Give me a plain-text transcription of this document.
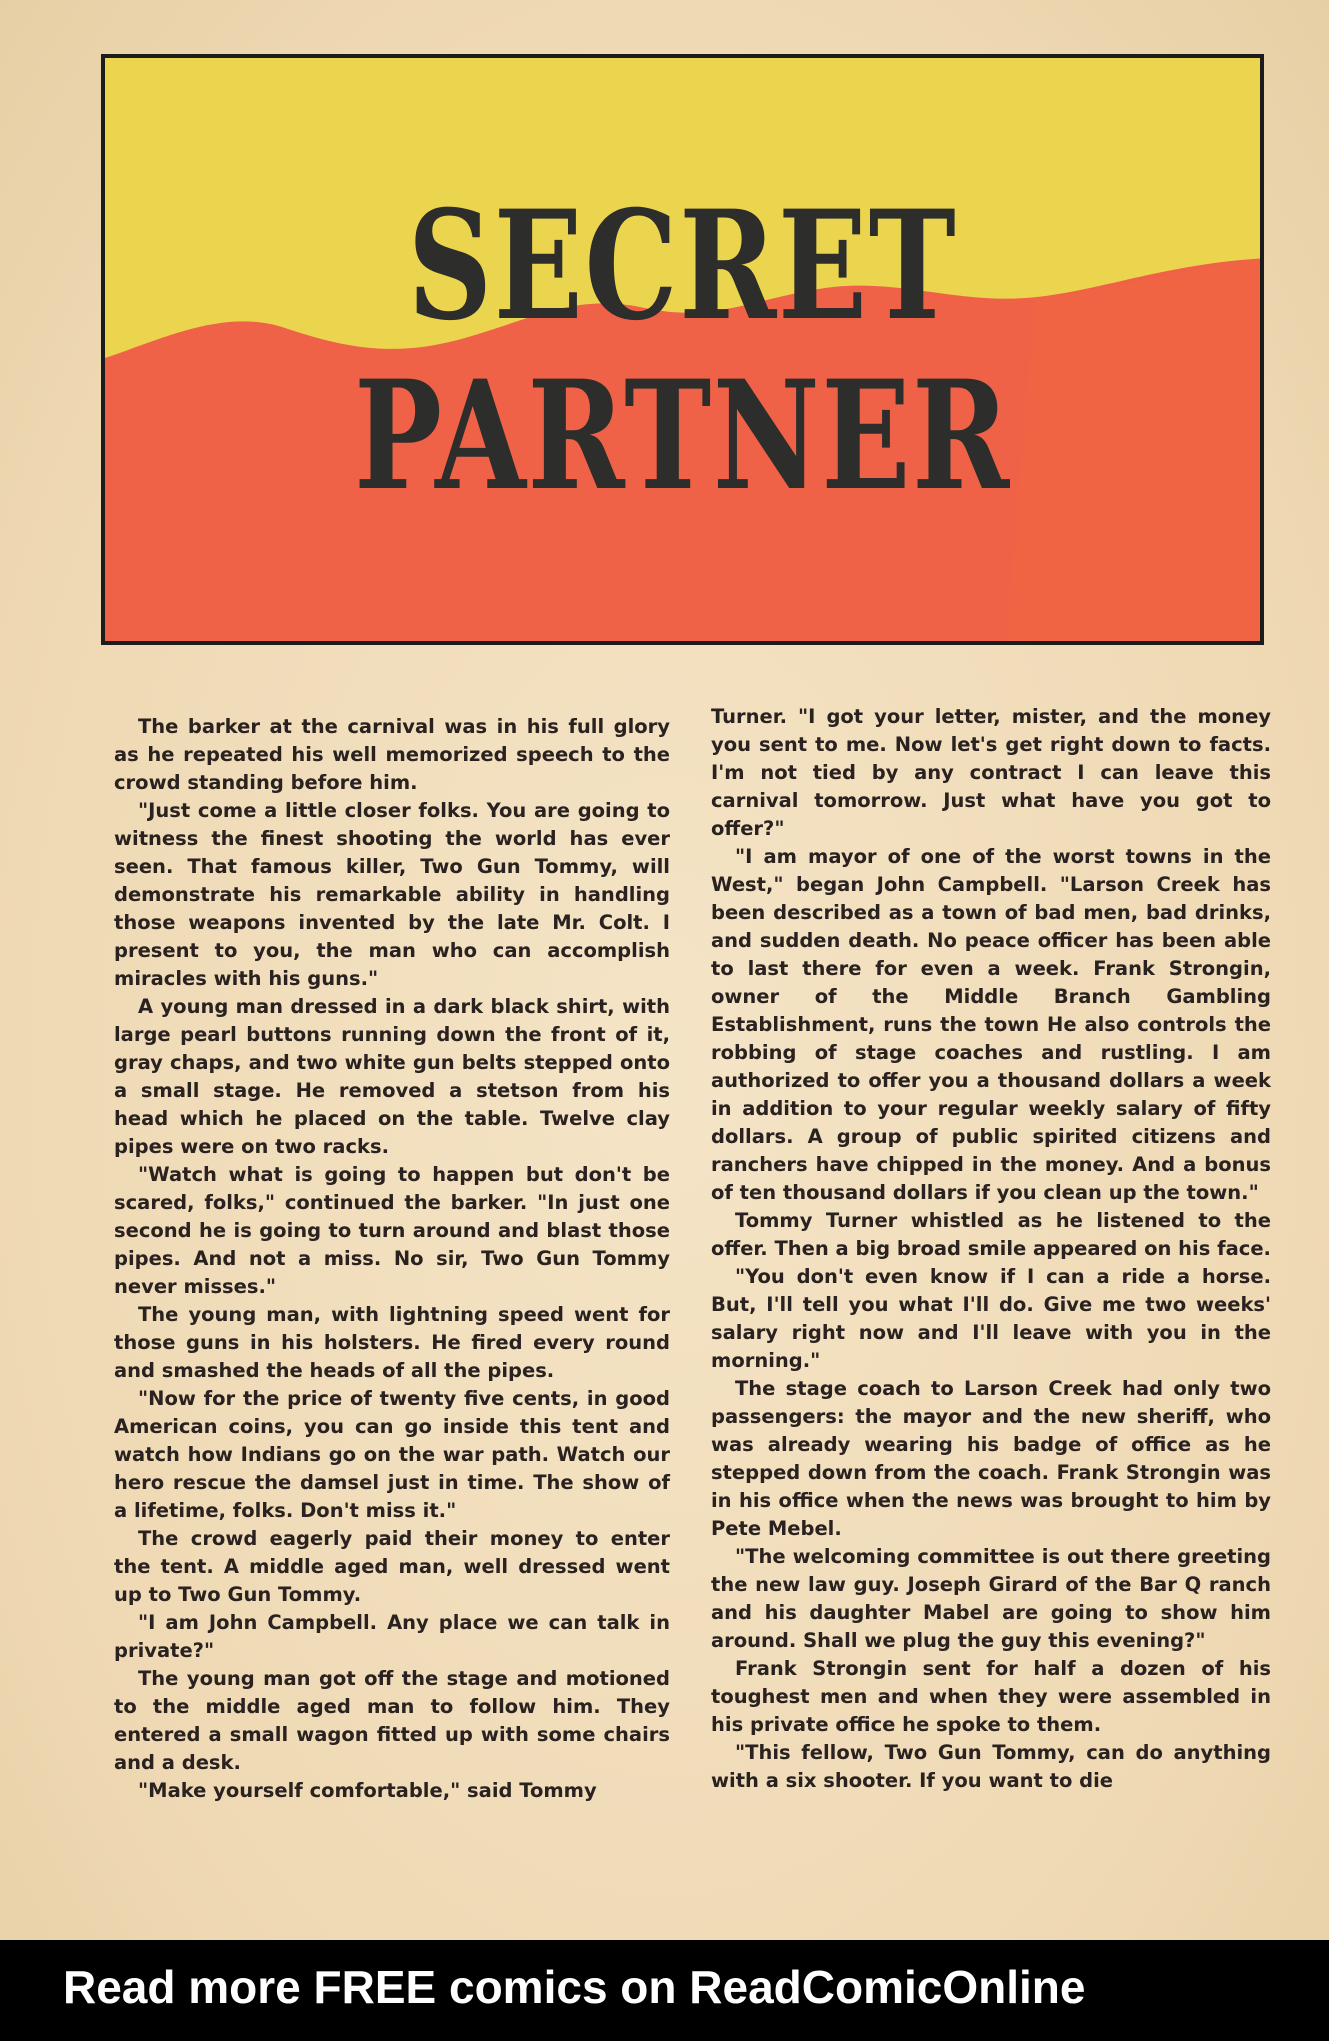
SECRET
PARTNER

The barker at the carnival was in his full glory as he repeated his well memorized speech to the crowd standing before him.

"Just come a little closer folks. You are going to witness the finest shooting the world has ever seen. That famous killer, Two Gun Tommy, will demonstrate his remarkable ability in handling those weapons invented by the late Mr. Colt. I present to you, the man who can accomplish miracles with his guns."

A young man dressed in a dark black shirt, with large pearl buttons running down the front of it, gray chaps, and two white gun belts stepped onto a small stage. He removed a stetson from his head which he placed on the table. Twelve clay pipes were on two racks.

"Watch what is going to happen but don't be scared, folks," continued the barker. "In just one second he is going to turn around and blast those pipes. And not a miss. No sir, Two Gun Tommy never misses."

The young man, with lightning speed went for those guns in his holsters. He fired every round and smashed the heads of all the pipes.

"Now for the price of twenty five cents, in good American coins, you can go inside this tent and watch how Indians go on the war path. Watch our hero rescue the damsel just in time. The show of a lifetime, folks. Don't miss it."

The crowd eagerly paid their money to enter the tent. A middle aged man, well dressed went up to Two Gun Tommy.

"I am John Campbell. Any place we can talk in private?"

The young man got off the stage and motioned to the middle aged man to follow him. They entered a small wagon fitted up with some chairs and a desk.

"Make yourself comfortable," said Tommy

Turner. "I got your letter, mister, and the money you sent to me. Now let's get right down to facts. I'm not tied by any contract I can leave this carnival tomorrow. Just what have you got to offer?"

"I am mayor of one of the worst towns in the West," began John Campbell. "Larson Creek has been described as a town of bad men, bad drinks, and sudden death. No peace officer has been able to last there for even a week. Frank Strongin, owner of the Middle Branch Gambling Establishment, runs the town He also controls the robbing of stage coaches and rustling. I am authorized to offer you a thousand dollars a week in addition to your regular weekly salary of fifty dollars. A group of public spirited citizens and ranchers have chipped in the money. And a bonus of ten thousand dollars if you clean up the town."

Tommy Turner whistled as he listened to the offer. Then a big broad smile appeared on his face.

"You don't even know if I can a ride a horse. But, I'll tell you what I'll do. Give me two weeks' salary right now and I'll leave with you in the morning."

The stage coach to Larson Creek had only two passengers: the mayor and the new sheriff, who was already wearing his badge of office as he stepped down from the coach. Frank Strongin was in his office when the news was brought to him by Pete Mebel.

"The welcoming committee is out there greeting the new law guy. Joseph Girard of the Bar Q ranch and his daughter Mabel are going to show him around. Shall we plug the guy this evening?"

Frank Strongin sent for half a dozen of his toughest men and when they were assembled in his private office he spoke to them.

"This fellow, Two Gun Tommy, can do anything with a six shooter. If you want to die

Read more FREE comics on ReadComicOnline
